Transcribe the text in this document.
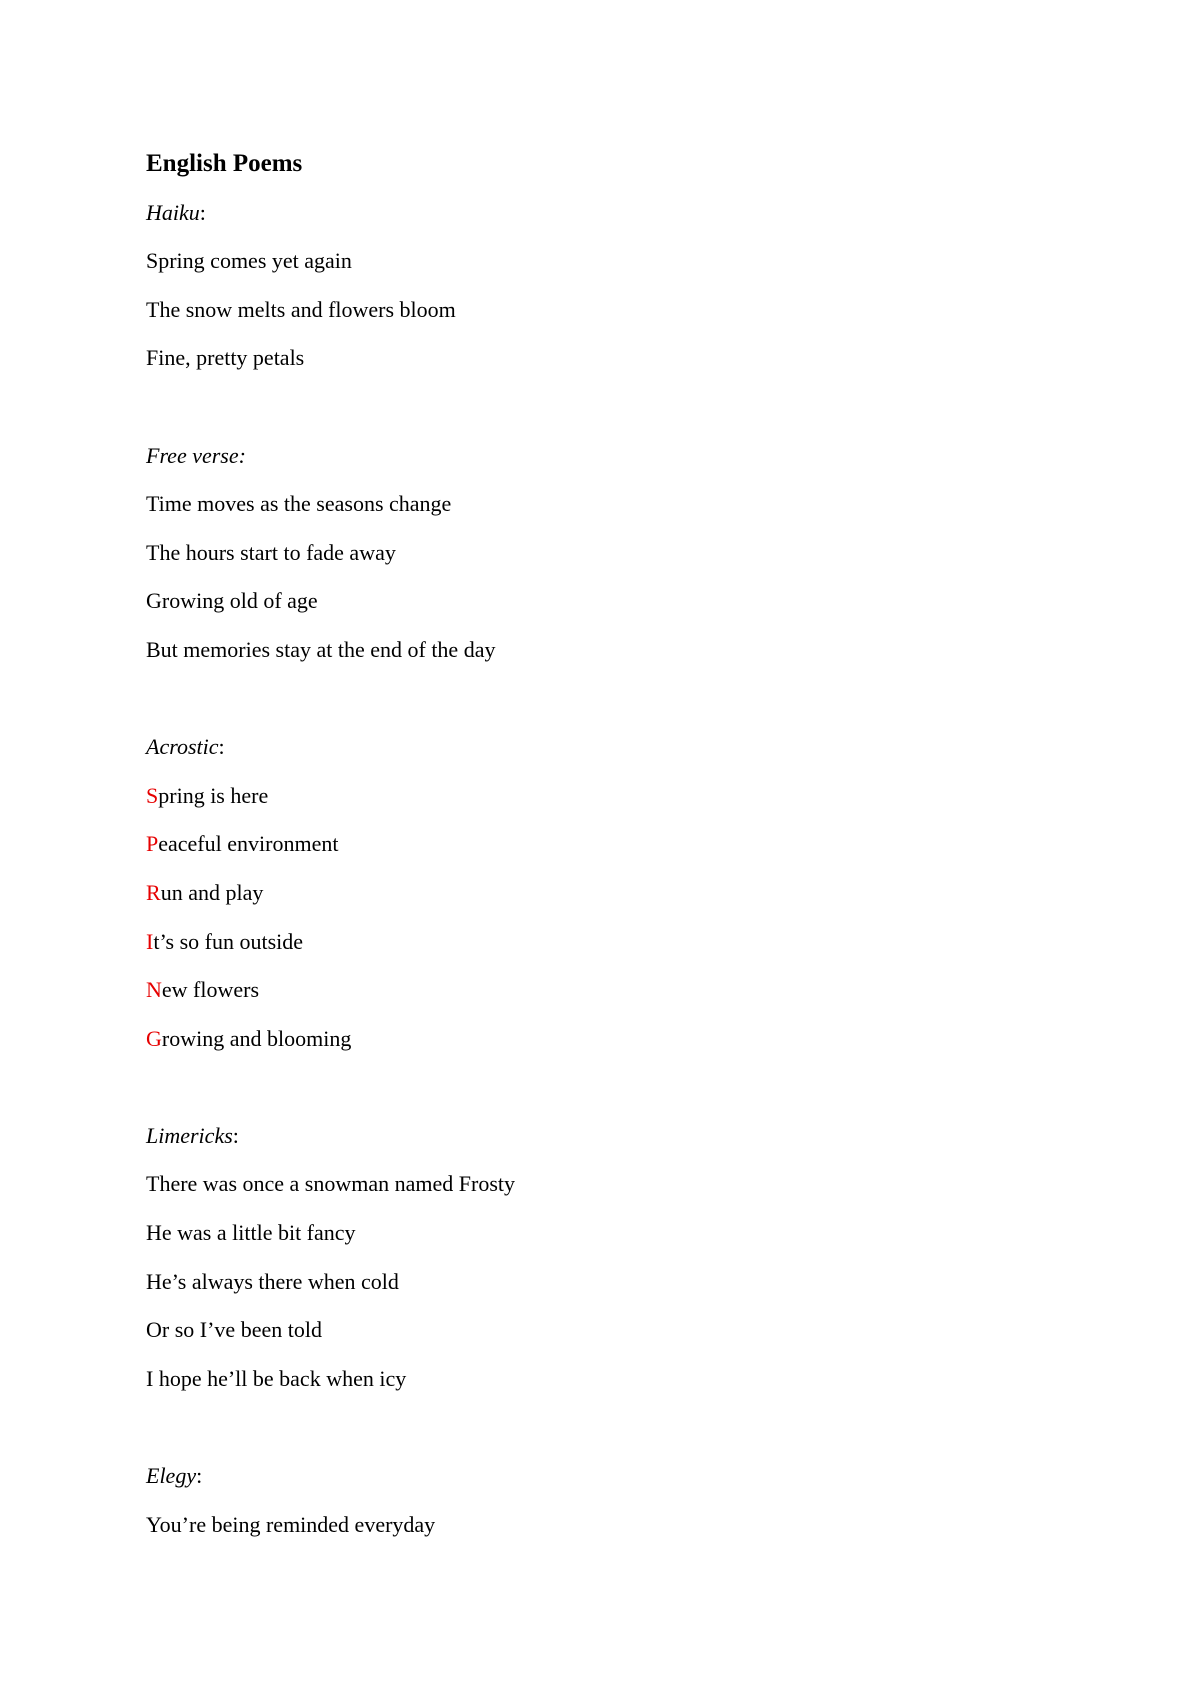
English Poems
Haiku:
Spring comes yet again
The snow melts and flowers bloom
Fine, pretty petals
Free verse:
Time moves as the seasons change
The hours start to fade away
Growing old of age
But memories stay at the end of the day
Acrostic:
Spring is here
Peaceful environment
Run and play
It’s so fun outside
New flowers
Growing and blooming
Limericks:
There was once a snowman named Frosty
He was a little bit fancy
He’s always there when cold
Or so I’ve been told
I hope he’ll be back when icy
Elegy:
You’re being reminded everyday
